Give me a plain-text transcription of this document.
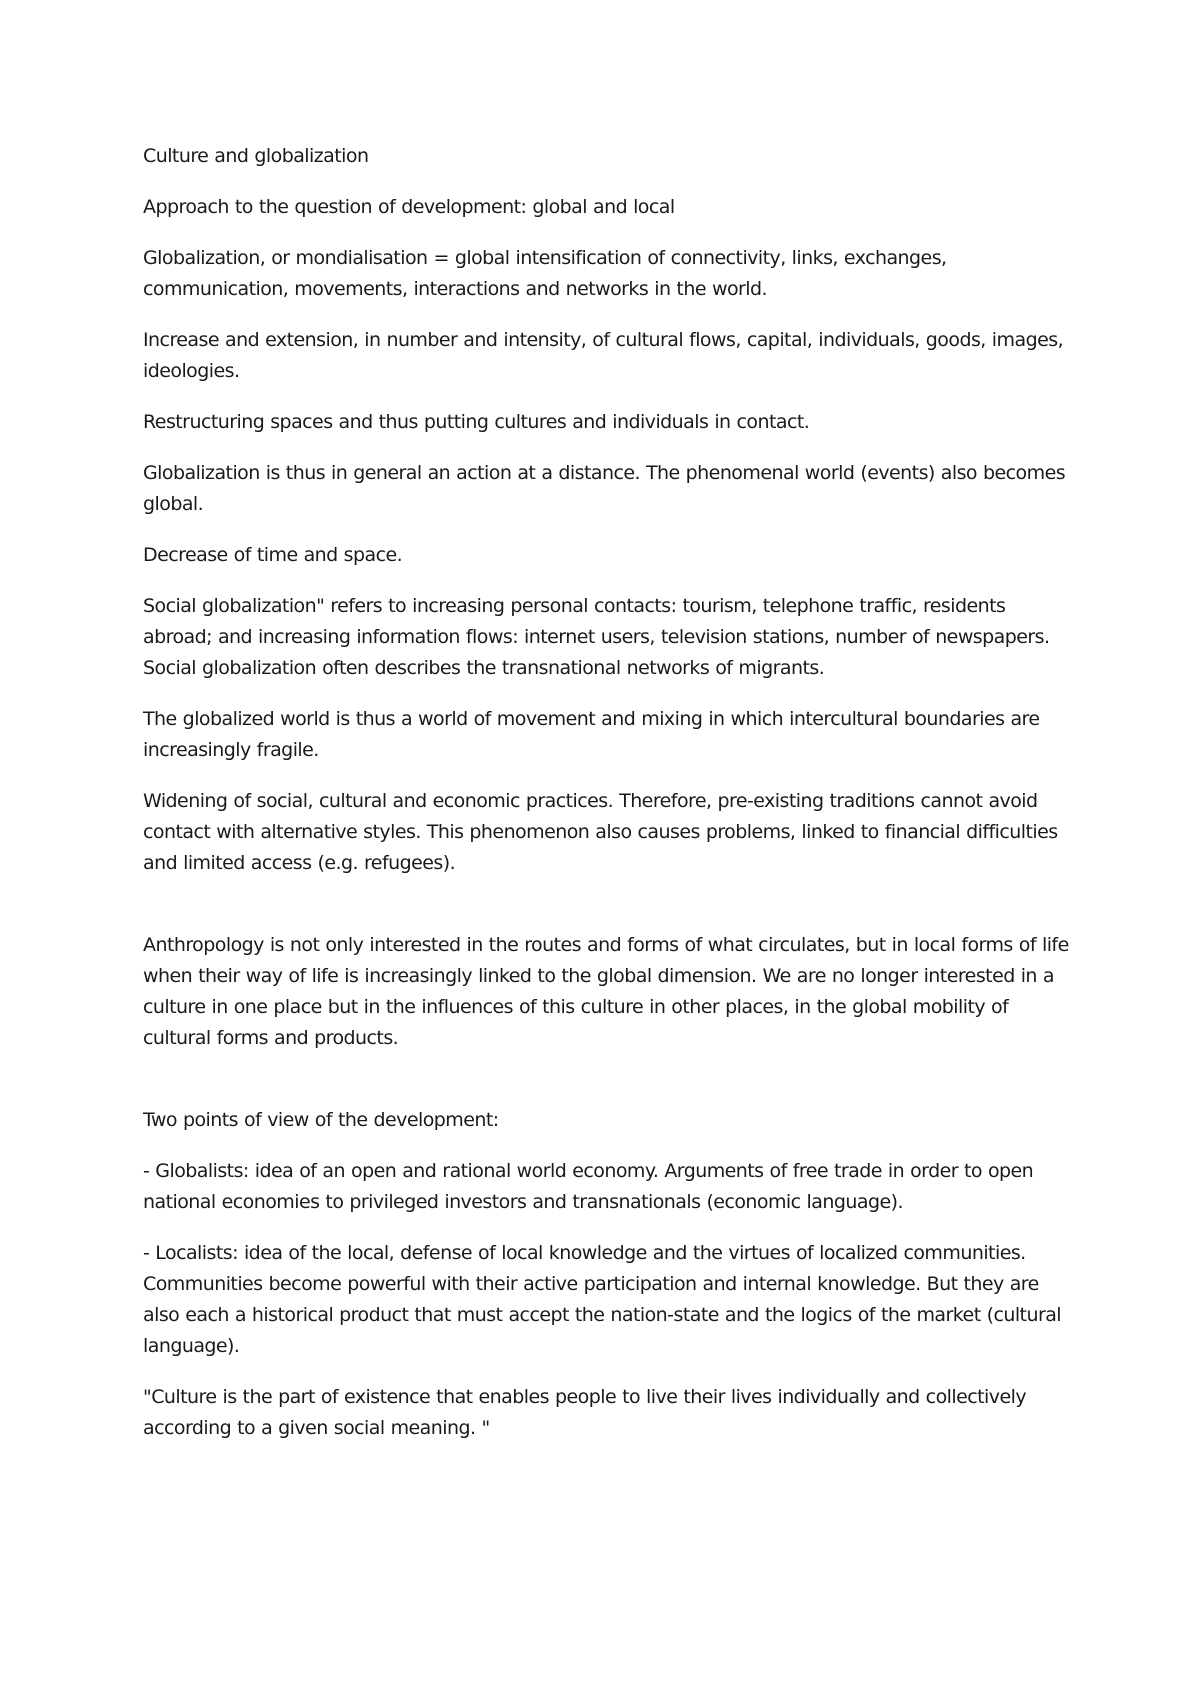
Culture and globalization

Approach to the question of development: global and local

Globalization, or mondialisation = global intensification of connectivity, links, exchanges, communication, movements, interactions and networks in the world.

Increase and extension, in number and intensity, of cultural flows, capital, individuals, goods, images, ideologies.

Restructuring spaces and thus putting cultures and individuals in contact.

Globalization is thus in general an action at a distance. The phenomenal world (events) also becomes global.

Decrease of time and space.

Social globalization" refers to increasing personal contacts: tourism, telephone traffic, residents abroad; and increasing information flows: internet users, television stations, number of newspapers. Social globalization often describes the transnational networks of migrants.

The globalized world is thus a world of movement and mixing in which intercultural boundaries are increasingly fragile.

Widening of social, cultural and economic practices. Therefore, pre-existing traditions cannot avoid contact with alternative styles. This phenomenon also causes problems, linked to financial difficulties and limited access (e.g. refugees).

Anthropology is not only interested in the routes and forms of what circulates, but in local forms of life when their way of life is increasingly linked to the global dimension. We are no longer interested in a culture in one place but in the influences of this culture in other places, in the global mobility of cultural forms and products.

Two points of view of the development:

- Globalists: idea of an open and rational world economy. Arguments of free trade in order to open national economies to privileged investors and transnationals (economic language).

- Localists: idea of the local, defense of local knowledge and the virtues of localized communities. Communities become powerful with their active participation and internal knowledge. But they are also each a historical product that must accept the nation-state and the logics of the market (cultural language).

"Culture is the part of existence that enables people to live their lives individually and collectively according to a given social meaning. "
